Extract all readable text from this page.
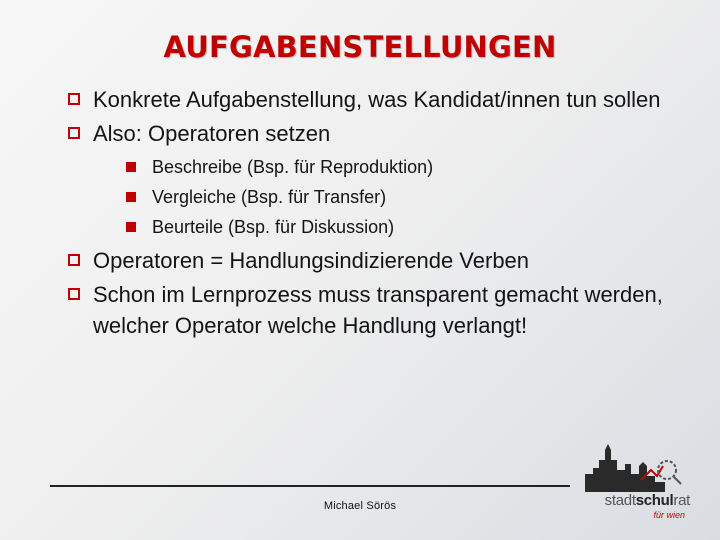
AUFGABENSTELLUNGEN
Konkrete Aufgabenstellung, was Kandidat/innen tun sollen
Also: Operatoren setzen
Beschreibe (Bsp. für Reproduktion)
Vergleiche (Bsp. für Transfer)
Beurteile (Bsp. für Diskussion)
Operatoren = Handlungsindizierende Verben
Schon im Lernprozess muss transparent gemacht werden, welcher Operator welche Handlung verlangt!
Michael Sörös	stadtschulrat
für wien
